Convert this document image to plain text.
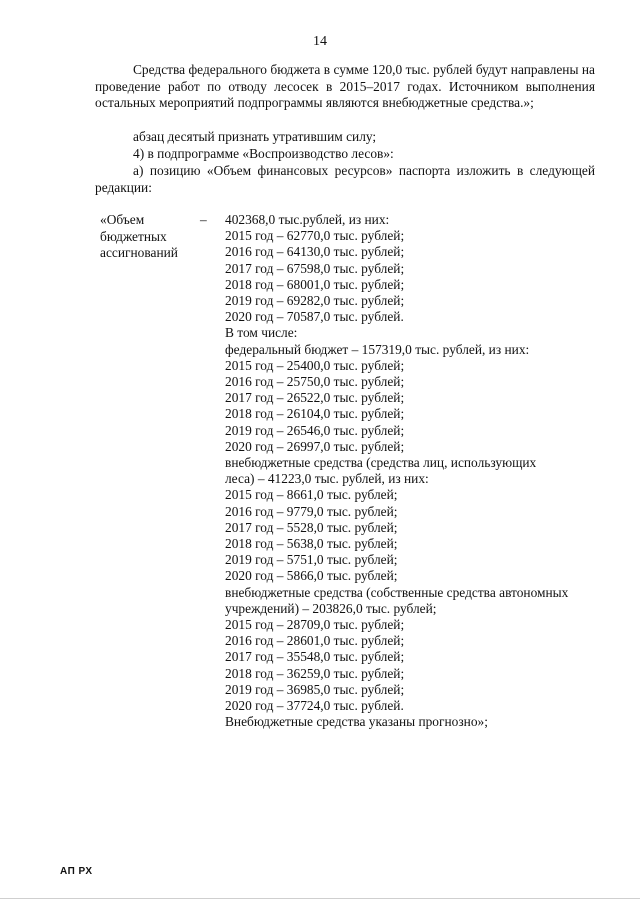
14
Средства федерального бюджета в сумме 120,0 тыс. рублей будут направлены на проведение работ по отводу лесосек в 2015–2017 годах. Источником выполнения остальных мероприятий подпрограммы являются внебюджетные средства.»;
абзац десятый признать утратившим силу;
4) в подпрограмме «Воспроизводство лесов»:
а) позицию «Объем финансовых ресурсов» паспорта изложить в следующей редакции:
«Объем
бюджетных
ассигнований
– 402368,0 тыс.рублей, из них:
2015 год – 62770,0 тыс. рублей;
2016 год – 64130,0 тыс. рублей;
2017 год – 67598,0 тыс. рублей;
2018 год – 68001,0 тыс. рублей;
2019 год – 69282,0 тыс. рублей;
2020 год – 70587,0 тыс. рублей.
В том числе:
федеральный бюджет – 157319,0 тыс. рублей, из них:
2015 год – 25400,0 тыс. рублей;
2016 год – 25750,0 тыс. рублей;
2017 год – 26522,0 тыс. рублей;
2018 год – 26104,0 тыс. рублей;
2019 год – 26546,0 тыс. рублей;
2020 год – 26997,0 тыс. рублей;
внебюджетные средства (средства лиц, использующих
леса) – 41223,0 тыс. рублей, из них:
2015 год – 8661,0 тыс. рублей;
2016 год – 9779,0 тыс. рублей;
2017 год – 5528,0 тыс. рублей;
2018 год – 5638,0 тыс. рублей;
2019 год – 5751,0 тыс. рублей;
2020 год – 5866,0 тыс. рублей;
внебюджетные средства (собственные средства автономных
учреждений) – 203826,0 тыс. рублей;
2015 год – 28709,0 тыс. рублей;
2016 год – 28601,0 тыс. рублей;
2017 год – 35548,0 тыс. рублей;
2018 год – 36259,0 тыс. рублей;
2019 год – 36985,0 тыс. рублей;
2020 год – 37724,0 тыс. рублей.
Внебюджетные средства указаны прогнозно»;
АП РХ
